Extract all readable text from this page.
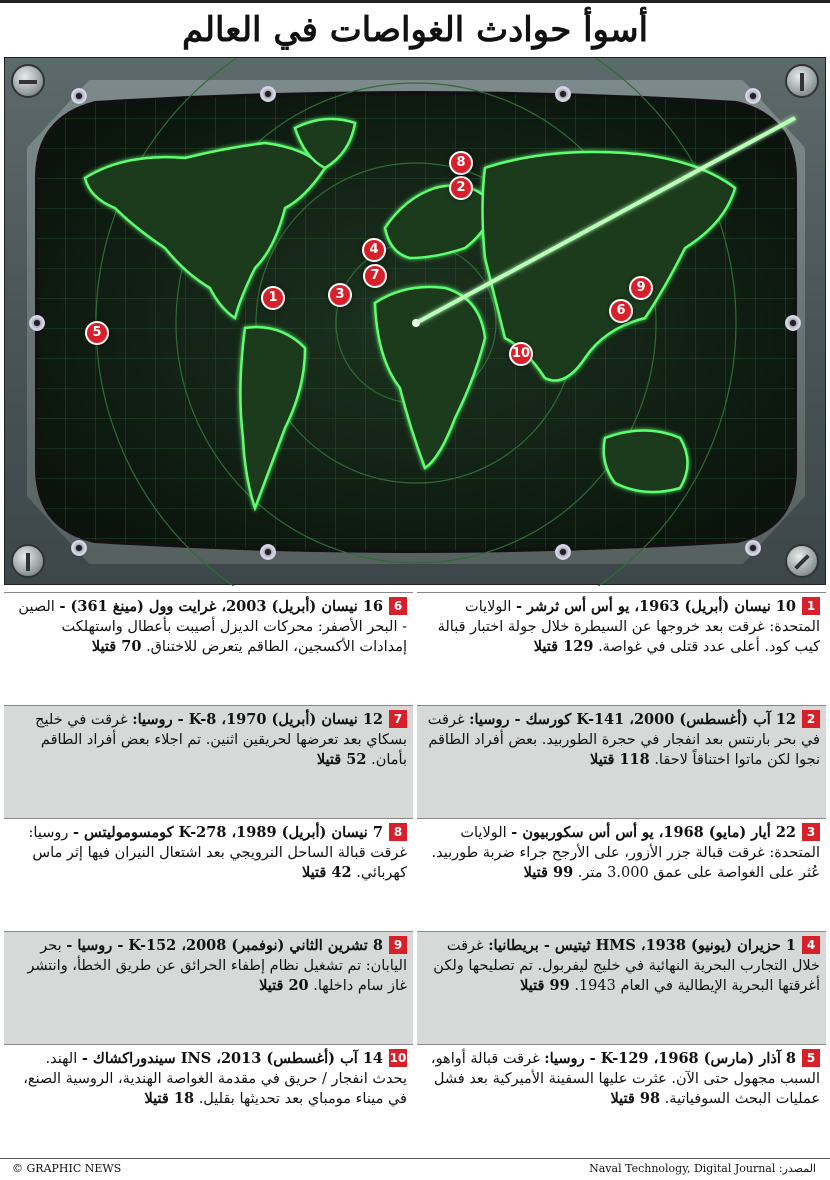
أسوأ حوادث الغواصات في العالم
1
2
3
4
5
6
7
8
9
10
110 نيسان (أبريل) 1963، يو أس أس ثرشر - الولايات المتحدة: غرقت بعد خروجها عن السيطرة خلال جولة اختبار قبالة كيب كود. أعلى عدد قتلى في غواصة. 129 قتيلا
212 آب (أغسطس) 2000، K-141 كورسك - روسيا: غرقت في بحر بارنتس بعد انفجار في حجرة الطوربيد. بعض أفراد الطاقم نجوا لكن ماتوا اختناقاً لاحقا. 118 قتيلا
322 أيار (مايو) 1968، يو أس أس سكوربيون - الولايات المتحدة: غرقت قبالة جزر الأزور، على الأرجح جراء ضربة طوربيد. عُثر على الغواصة على عمق 3.000 متر. 99 قتيلا
41 حزيران (يونيو) 1938، HMS ثيتيس - بريطانيا: غرقت خلال التجارب البحرية النهائية في خليج ليفربول. تم تصليحها ولكن أغرقتها البحرية الإيطالية في العام 1943. 99 قتيلا
58 آذار (مارس) 1968، K-129 - روسيا: غرقت قبالة أواهو، السبب مجهول حتى الآن. عثرت عليها السفينة الأميركية بعد فشل عمليات البحث السوفياتية. 98 قتيلا
616 نيسان (أبريل) 2003، غرايت وول (مينغ 361) - الصين - البحر الأصفر: محركات الديزل أصيبت بأعطال واستهلكت إمدادات الأكسجين، الطاقم يتعرض للاختناق. 70 قتيلا
712 نيسان (أبريل) 1970، K-8 - روسيا: غرقت في خليج بسكاي بعد تعرضها لحريقين اثنين. تم اجلاء بعض أفراد الطاقم بأمان. 52 قتيلا
87 نيسان (أبريل) 1989، K-278 كومسوموليتس - روسيا: غرقت قبالة الساحل النرويجي بعد اشتعال النيران فيها إثر ماس كهربائي. 42 قتيلا
98 تشرين الثاني (نوفمبر) 2008، K-152 - روسيا - بحر اليابان: تم تشغيل نظام إطفاء الحرائق عن طريق الخطأ، وانتشر غاز سام داخلها. 20 قتيلا
1014 آب (أغسطس) 2013، INS سيندوراكشاك - الهند. يحدث انفجار / حريق في مقدمة الغواصة الهندية، الروسية الصنع، في ميناء مومباي بعد تحديثها بقليل. 18 قتيلا
© GRAPHIC NEWS	المصدر: Naval Technology, Digital Journal
